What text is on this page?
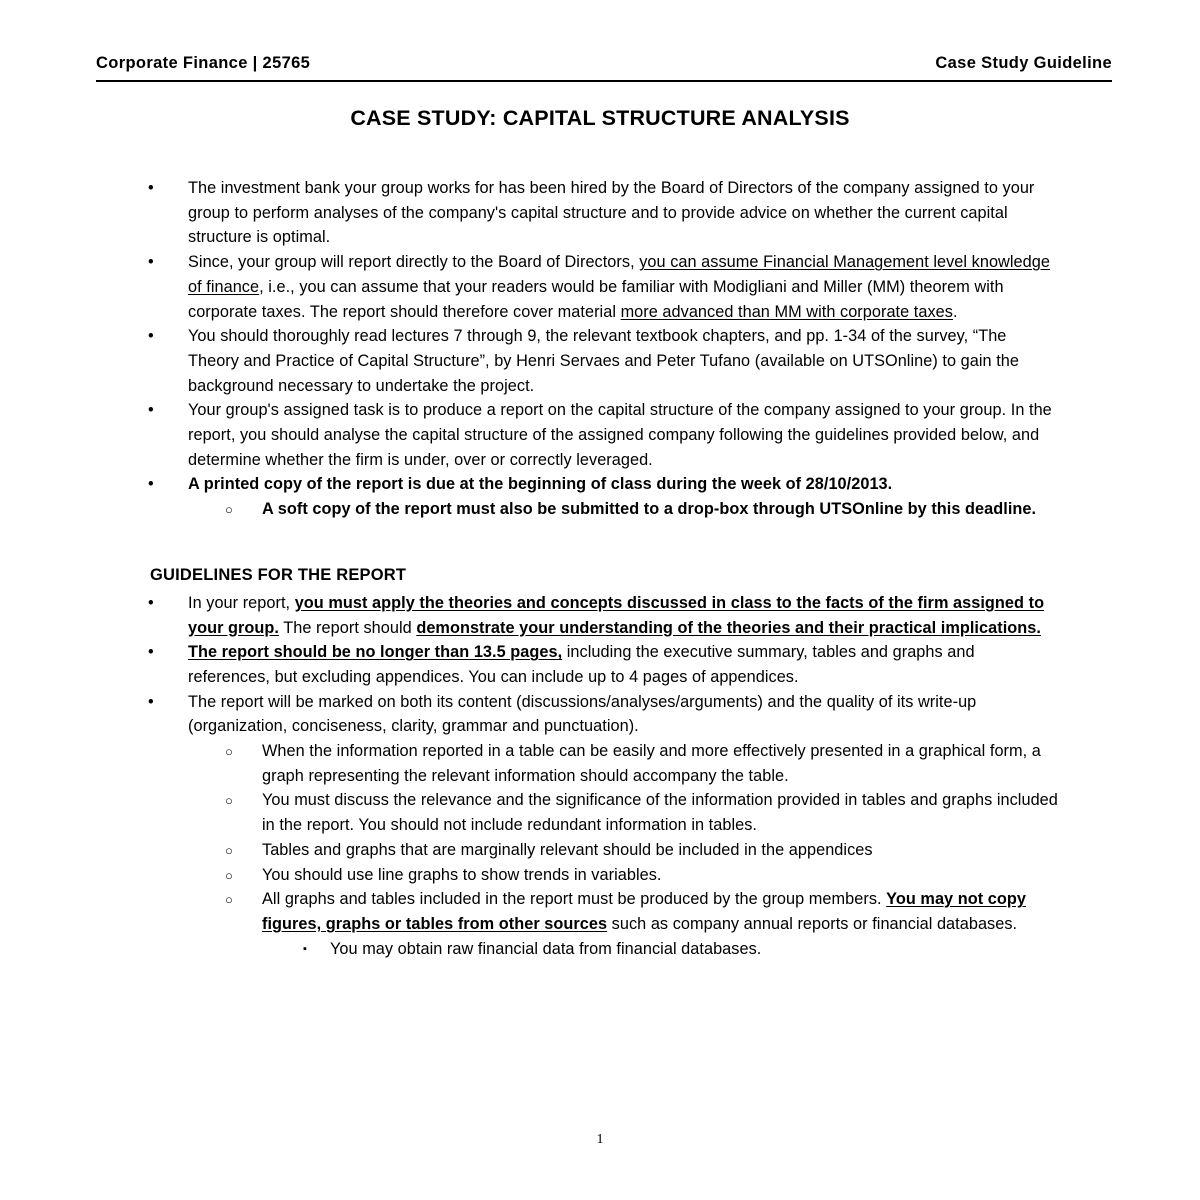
Corporate Finance | 25765	Case Study Guideline
CASE STUDY: CAPITAL STRUCTURE ANALYSIS
• The investment bank your group works for has been hired by the Board of Directors of the company assigned to your group to perform analyses of the company's capital structure and to provide advice on whether the current capital structure is optimal.
• Since, your group will report directly to the Board of Directors, you can assume Financial Management level knowledge of finance, i.e., you can assume that your readers would be familiar with Modigliani and Miller (MM) theorem with corporate taxes. The report should therefore cover material more advanced than MM with corporate taxes.
• You should thoroughly read lectures 7 through 9, the relevant textbook chapters, and pp. 1-34 of the survey, “The Theory and Practice of Capital Structure”, by Henri Servaes and Peter Tufano (available on UTSOnline) to gain the background necessary to undertake the project.
• Your group's assigned task is to produce a report on the capital structure of the company assigned to your group. In the report, you should analyse the capital structure of the assigned company following the guidelines provided below, and determine whether the firm is under, over or correctly leveraged.
• A printed copy of the report is due at the beginning of class during the week of 28/10/2013.
○ A soft copy of the report must also be submitted to a drop-box through UTSOnline by this deadline.
GUIDELINES FOR THE REPORT
• In your report, you must apply the theories and concepts discussed in class to the facts of the firm assigned to your group. The report should demonstrate your understanding of the theories and their practical implications.
• The report should be no longer than 13.5 pages, including the executive summary, tables and graphs and references, but excluding appendices. You can include up to 4 pages of appendices.
• The report will be marked on both its content (discussions/analyses/arguments) and the quality of its write-up (organization, conciseness, clarity, grammar and punctuation).
○ When the information reported in a table can be easily and more effectively presented in a graphical form, a graph representing the relevant information should accompany the table.
○ You must discuss the relevance and the significance of the information provided in tables and graphs included in the report. You should not include redundant information in tables.
○ Tables and graphs that are marginally relevant should be included in the appendices
○ You should use line graphs to show trends in variables.
○ All graphs and tables included in the report must be produced by the group members. You may not copy figures, graphs or tables from other sources such as company annual reports or financial databases.
▪ You may obtain raw financial data from financial databases.
1
